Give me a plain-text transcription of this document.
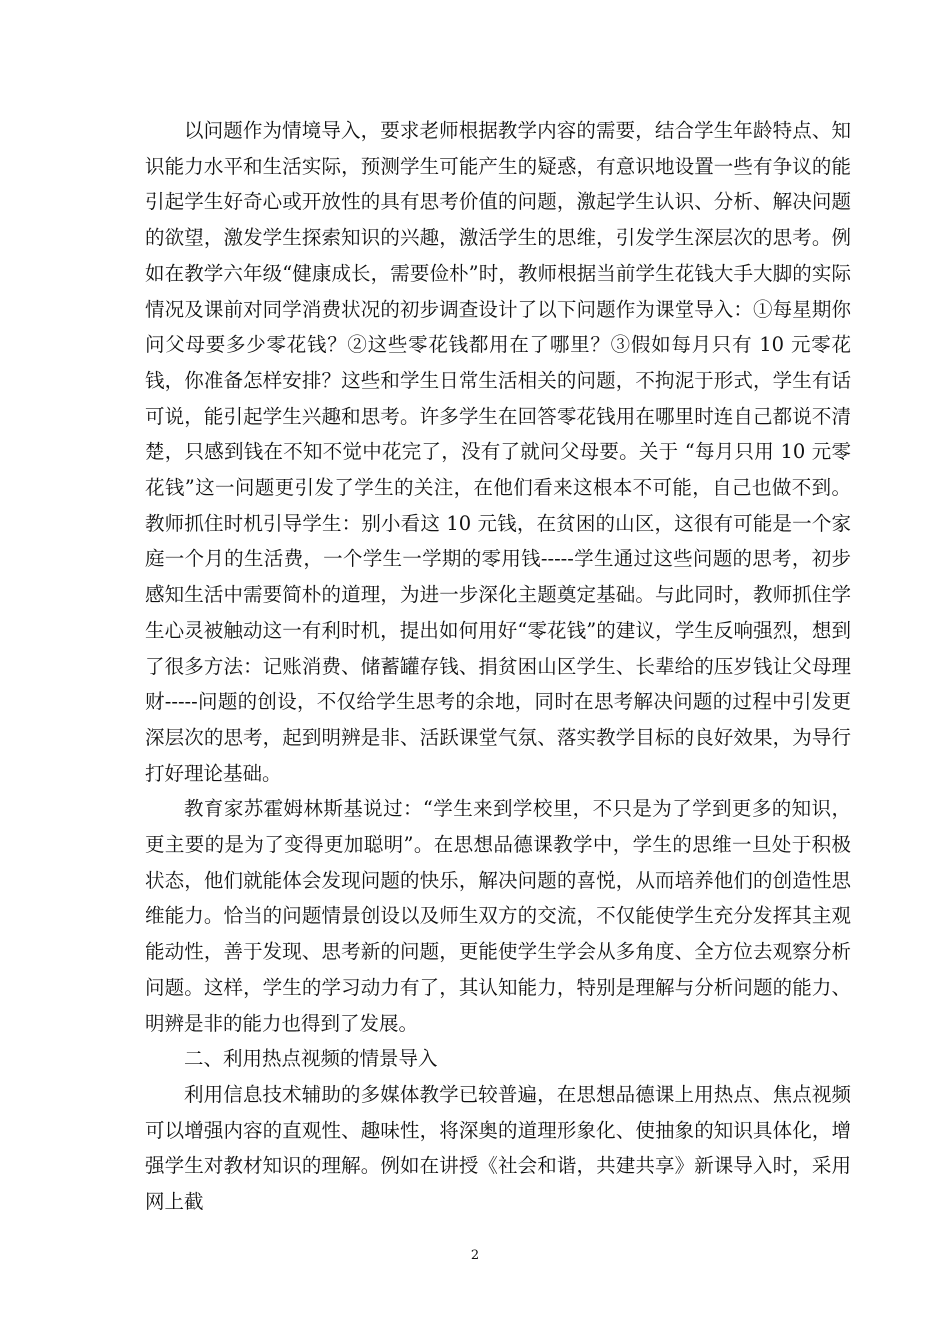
以问题作为情境导入，要求老师根据教学内容的需要，结合学生年龄特点、知识能力水平和生活实际，预测学生可能产生的疑惑，有意识地设置一些有争议的能引起学生好奇心或开放性的具有思考价值的问题，激起学生认识、分析、解决问题的欲望，激发学生探索知识的兴趣，激活学生的思维，引发学生深层次的思考。例如在教学六年级“健康成长，需要俭朴”时，教师根据当前学生花钱大手大脚的实际情况及课前对同学消费状况的初步调查设计了以下问题作为课堂导入：①每星期你问父母要多少零花钱？②这些零花钱都用在了哪里？③假如每月只有 10 元零花钱，你准备怎样安排？这些和学生日常生活相关的问题，不拘泥于形式，学生有话可说，能引起学生兴趣和思考。许多学生在回答零花钱用在哪里时连自己都说不清楚，只感到钱在不知不觉中花完了，没有了就问父母要。关于 “每月只用 10 元零花钱”这一问题更引发了学生的关注，在他们看来这根本不可能，自己也做不到。教师抓住时机引导学生：别小看这 10 元钱，在贫困的山区，这很有可能是一个家庭一个月的生活费，一个学生一学期的零用钱-----学生通过这些问题的思考，初步感知生活中需要简朴的道理，为进一步深化主题奠定基础。与此同时，教师抓住学生心灵被触动这一有利时机，提出如何用好“零花钱”的建议，学生反响强烈，想到了很多方法：记账消费、储蓄罐存钱、捐贫困山区学生、长辈给的压岁钱让父母理财-----问题的创设，不仅给学生思考的余地，同时在思考解决问题的过程中引发更深层次的思考，起到明辨是非、活跃课堂气氛、落实教学目标的良好效果，为导行打好理论基础。

教育家苏霍姆林斯基说过：“学生来到学校里，不只是为了学到更多的知识，更主要的是为了变得更加聪明”。在思想品德课教学中，学生的思维一旦处于积极状态，他们就能体会发现问题的快乐，解决问题的喜悦，从而培养他们的创造性思维能力。恰当的问题情景创设以及师生双方的交流，不仅能使学生充分发挥其主观能动性，善于发现、思考新的问题，更能使学生学会从多角度、全方位去观察分析问题。这样，学生的学习动力有了，其认知能力，特别是理解与分析问题的能力、明辨是非的能力也得到了发展。

二、利用热点视频的情景导入

利用信息技术辅助的多媒体教学已较普遍，在思想品德课上用热点、焦点视频可以增强内容的直观性、趣味性，将深奥的道理形象化、使抽象的知识具体化，增强学生对教材知识的理解。例如在讲授《社会和谐，共建共享》新课导入时，采用网上截

2
